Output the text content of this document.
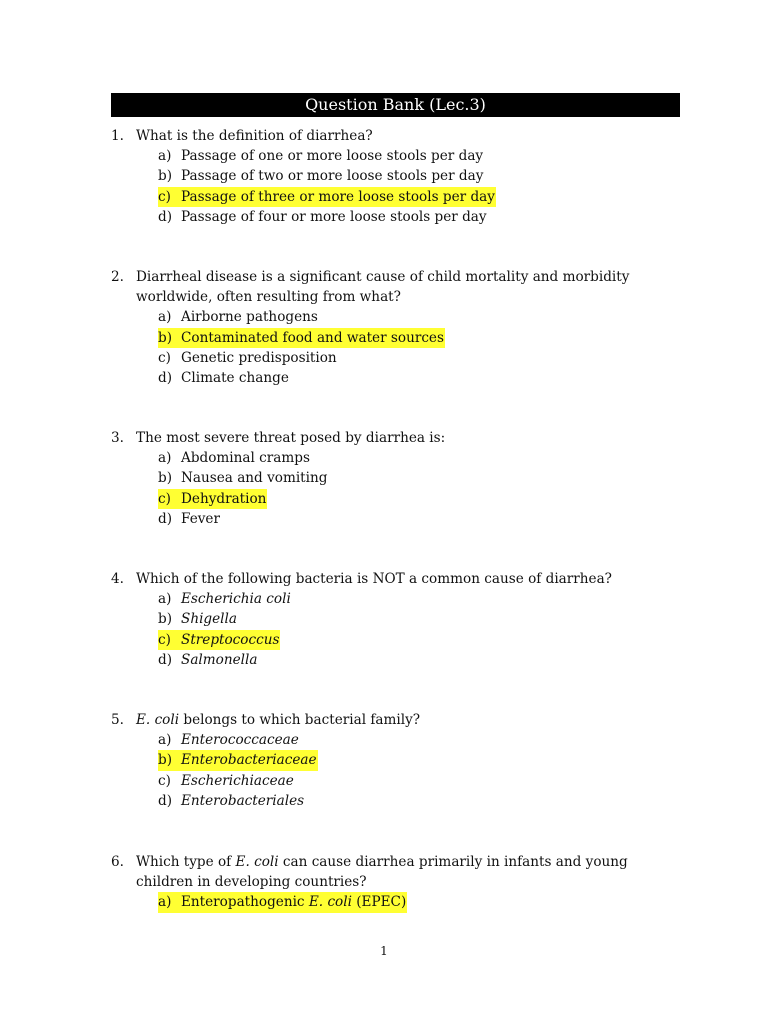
Question Bank (Lec.3)
1. What is the definition of diarrhea?
a) Passage of one or more loose stools per day
b) Passage of two or more loose stools per day
c) Passage of three or more loose stools per day
d) Passage of four or more loose stools per day
2. Diarrheal disease is a significant cause of child mortality and morbidity worldwide, often resulting from what?
a) Airborne pathogens
b) Contaminated food and water sources
c) Genetic predisposition
d) Climate change
3. The most severe threat posed by diarrhea is:
a) Abdominal cramps
b) Nausea and vomiting
c) Dehydration
d) Fever
4. Which of the following bacteria is NOT a common cause of diarrhea?
a) Escherichia coli
b) Shigella
c) Streptococcus
d) Salmonella
5. E. coli belongs to which bacterial family?
a) Enterococcaceae
b) Enterobacteriaceae
c) Escherichiaceae
d) Enterobacteriales
6. Which type of E. coli can cause diarrhea primarily in infants and young children in developing countries?
a) Enteropathogenic E. coli (EPEC)
1
